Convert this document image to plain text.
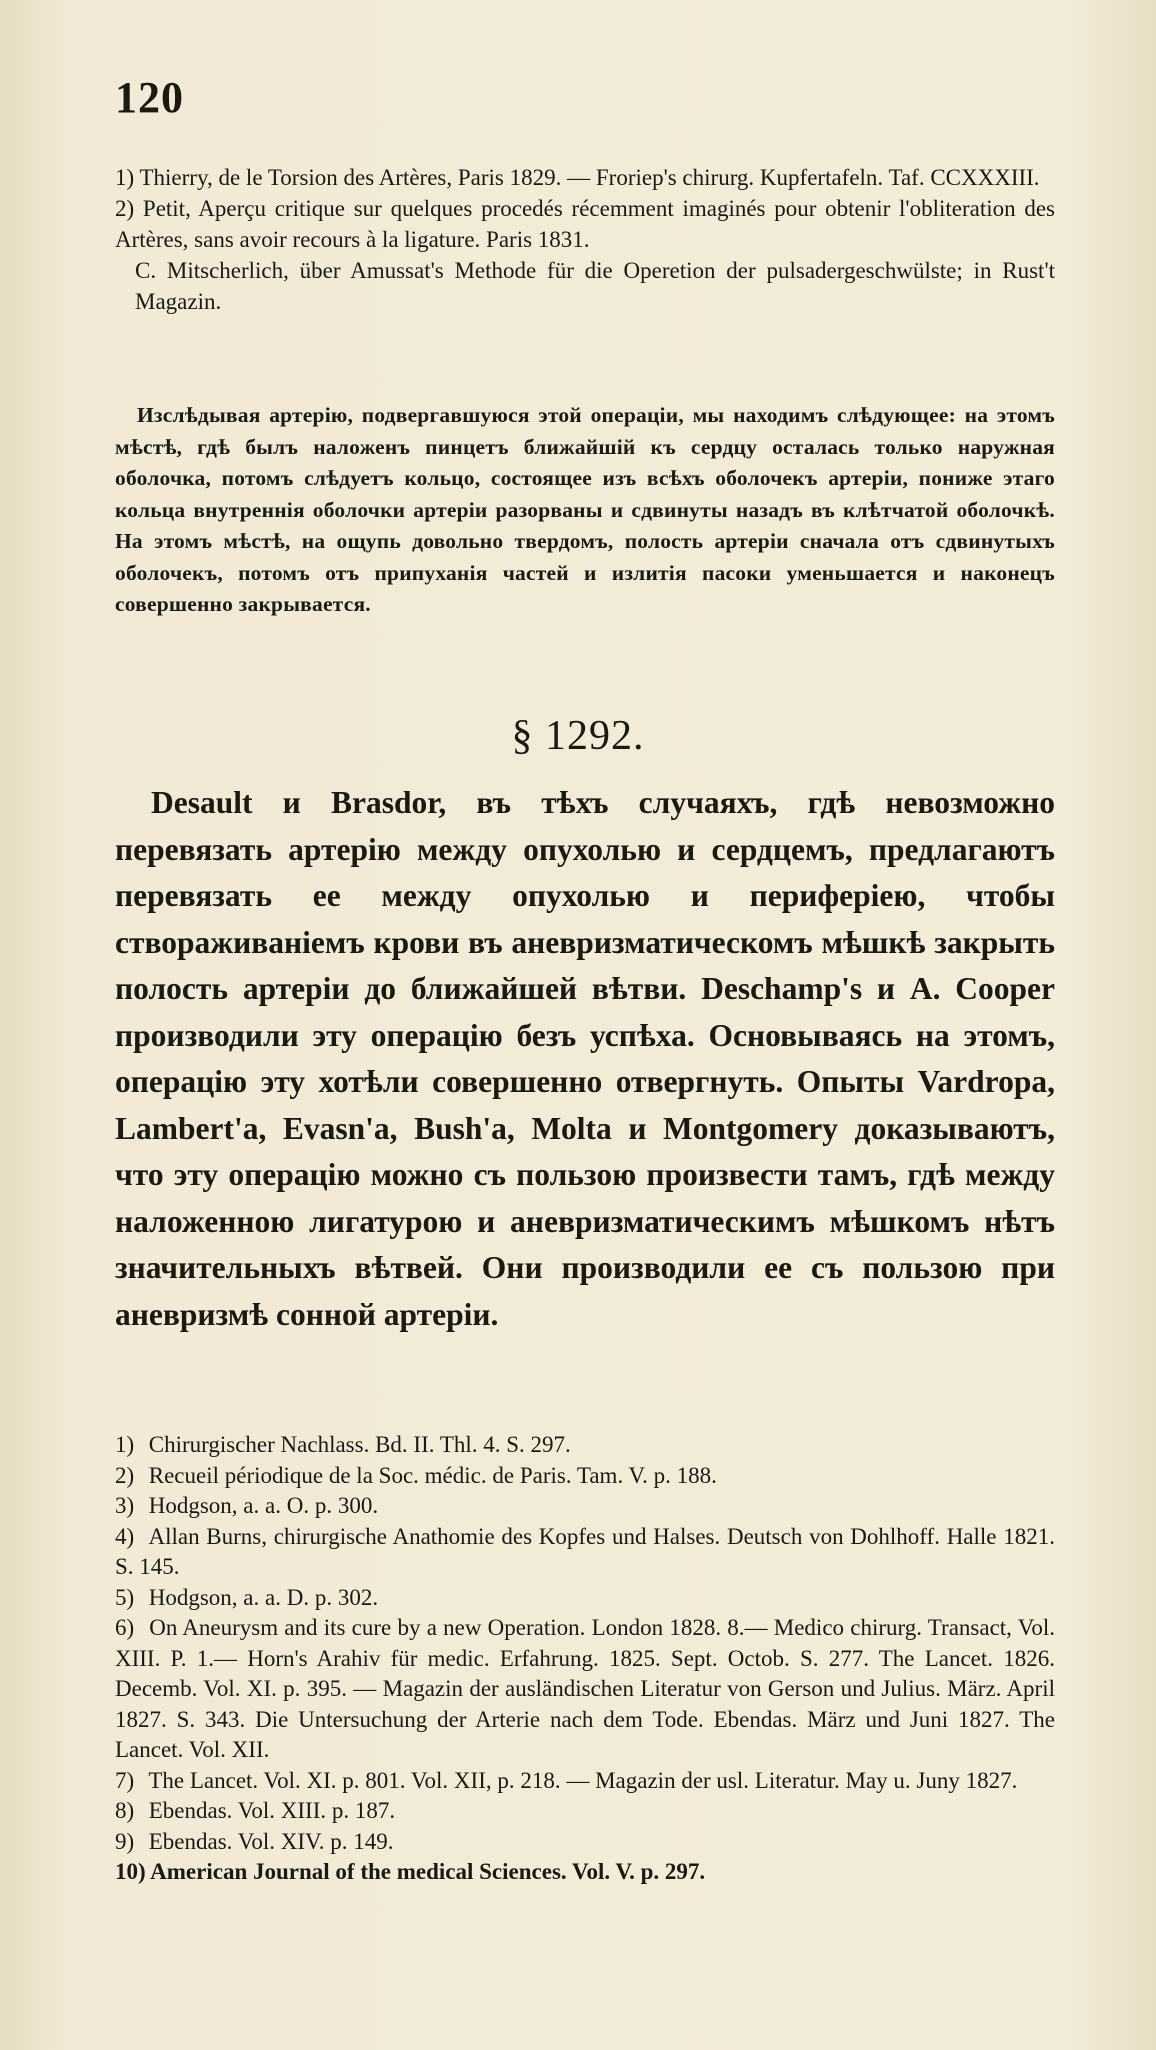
120

1) Thierry, de le Torsion des Artères, Paris 1829. — Froriep's chirurg. Kupfertafeln. Taf. CCXXXIII.

2) Petit, Aperçu critique sur quelques procedés récemment imaginés pour obtenir l'obliteration des Artères, sans avoir recours à la ligature. Paris 1831.

C. Mitscherlich, über Amussat's Methode für die Operetion der pulsadergeschwülste; in Rust't Magazin.

Изслѣдывая артерію, подвергавшуюся этой операціи, мы находимъ слѣдующее: на этомъ мѣстѣ, гдѣ былъ наложенъ пинцетъ ближайшій къ сердцу осталась только наружная оболочка, потомъ слѣдуетъ кольцо, состоящее изъ всѣхъ оболочекъ артеріи, пониже этаго кольца внутреннія оболочки артеріи разорваны и сдвинуты назадъ въ клѣтчатой оболочкѣ. На этомъ мѣстѣ, на ощупь довольно твердомъ, полость артеріи сначала отъ сдвинутыхъ оболочекъ, потомъ отъ припуханія частей и излитія пасоки уменьшается и наконецъ совершенно закрывается.

§ 1292.

Desault и Brasdor, въ тѣхъ случаяхъ, гдѣ невозможно перевязать артерію между опухолью и сердцемъ, предлагаютъ перевязать ее между опухолью и периферіею, чтобы створаживаніемъ крови въ аневризматическомъ мѣшкѣ закрыть полость артеріи до ближайшей вѣтви. Deschamp's и A. Cooper производили эту операцію безъ успѣха. Основываясь на этомъ, операцію эту хотѣли совершенно отвергнуть. Опыты Vardropa, Lambert'a, Evasn'a, Bush'a, Molta и Montgomery доказываютъ, что эту операцію можно съ пользою произвести тамъ, гдѣ между наложенною лигатурою и аневризматическимъ мѣшкомъ нѣтъ значительныхъ вѣтвей. Они производили ее съ пользою при аневризмѣ сонной артеріи.

1) Chirurgischer Nachlass. Bd. II. Thl. 4. S. 297.

2) Recueil périodique de la Soc. médic. de Paris. Tam. V. p. 188.

3) Hodgson, a. a. O. p. 300.

4) Allan Burns, chirurgische Anathomie des Kopfes und Halses. Deutsch von Dohlhoff. Halle 1821. S. 145.

5) Hodgson, a. a. D. p. 302.

6) On Aneurysm and its cure by a new Operation. London 1828. 8.— Medico chirurg. Transact, Vol. XIII. P. 1.— Horn's Arahiv für medic. Erfahrung. 1825. Sept. Octob. S. 277. The Lancet. 1826. Decemb. Vol. XI. p. 395. — Magazin der ausländischen Literatur von Gerson und Julius. März. April 1827. S. 343. Die Untersuchung der Arterie nach dem Tode. Ebendas. März und Juni 1827. The Lancet. Vol. XII.

7) The Lancet. Vol. XI. p. 801. Vol. XII, p. 218. — Magazin der usl. Literatur. May u. Juny 1827.

8) Ebendas. Vol. XIII. p. 187.

9) Ebendas. Vol. XIV. p. 149.

10) American Journal of the medical Sciences. Vol. V. p. 297.
